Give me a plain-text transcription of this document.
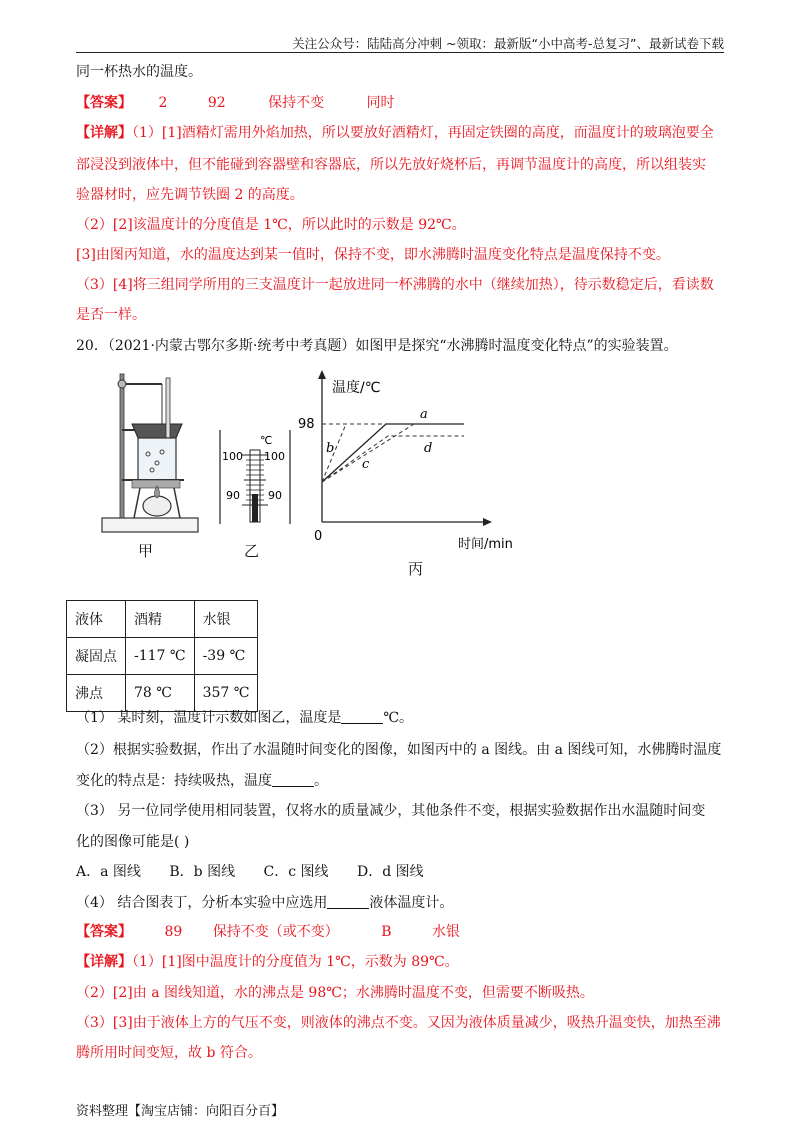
关注公众号：陆陆高分冲刺 ~领取：最新版“小中高考-总复习”、最新试卷下载
同一杯热水的温度。
【答案】 2	92	保持不变	同时
【详解】（1）[1]酒精灯需用外焰加热，所以要放好酒精灯，再固定铁圈的高度，而温度计的玻璃泡要全
部浸没到液体中，但不能碰到容器壁和容器底，所以先放好烧杯后，再调节温度计的高度，所以组装实
验器材时，应先调节铁圈 2 的高度。
（2）[2]该温度计的分度值是 1℃，所以此时的示数是 92℃。
[3]由图丙知道，水的温度达到某一值时，保持不变，即水沸腾时温度变化特点是温度保持不变。
（3）[4]将三组同学所用的三支温度计一起放进同一杯沸腾的水中（继续加热），待示数稳定后，看读数
是否一样。
20．（2021·内蒙古鄂尔多斯·统考中考真题）如图甲是探究“水沸腾时温度变化特点”的实验装置。
甲
℃
100 100
90	90
乙
温度/℃
时间/min
0
98
a
b
c
d
丙
液体	酒精	水银
凝固点	-117 ℃	-39 ℃
沸点	78 ℃	357 ℃
（1） 某时刻，温度计示数如图乙，温度是	℃。
（2）根据实验数据，作出了水温随时间变化的图像，如图丙中的 a 图线。由 a 图线可知，水佛腾时温度
变化的特点是：持续吸热，温度	。
（3） 另一位同学使用相同装置，仅将水的质量减少，其他条件不变，根据实验数据作出水温随时间变
化的图像可能是( )
A．a 图线 B．b 图线 C．c 图线 D．d 图线
（4） 结合图表丁，分析本实验中应选用	液体温度计。
【答案】 89 保持不变（或不变）	B	水银
【详解】（1）[1]图中温度计的分度值为 1℃，示数为 89℃。
（2）[2]由 a 图线知道，水的沸点是 98℃；水沸腾时温度不变，但需要不断吸热。
（3）[3]由于液体上方的气压不变，则液体的沸点不变。又因为液体质量减少，吸热升温变快，加热至沸
腾所用时间变短，故 b 符合。
资料整理【淘宝店铺：向阳百分百】
